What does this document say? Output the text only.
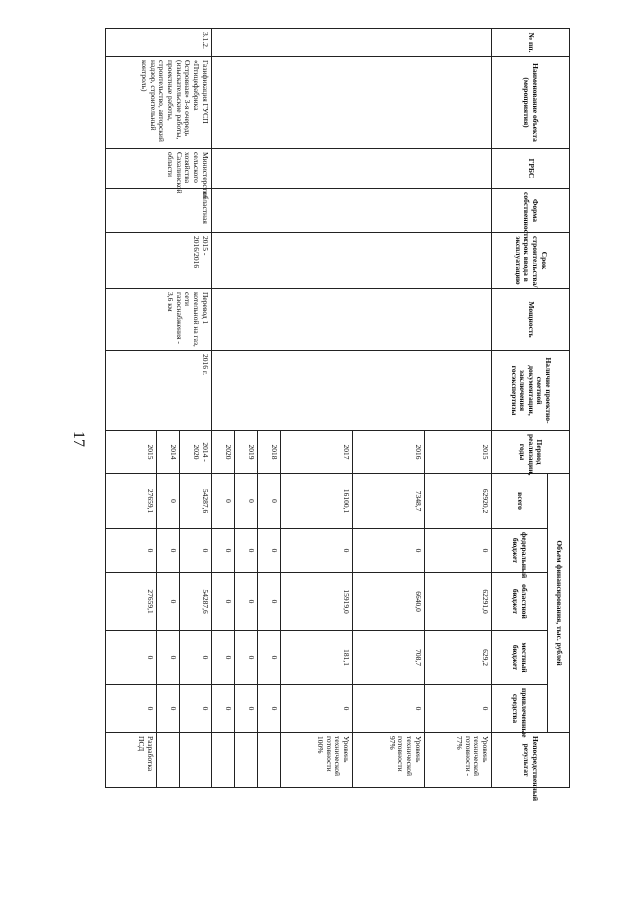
17
№ пп.	Наименование объекта (мероприятия)	ГРБС	Форма собственности	Срок строительства/срок ввода в эксплуатацию	Мощность	Наличие проектно-сметной документации, заключения госэкспертизы	Период реализации, годы	Объем финансирования, тыс. рублей					Непосредственный результат
								всего	федеральный бюджет	областной бюджет	местный бюджет	привлеченные средства	
							2015	62920,2	0	62291,0	629,2	0	Уровень технической готовности - 77%
							2016	7348,7	0	6640,0	708,7	0	Уровень технической готовности 97%
							2017	16100,1	0	15919,0	181,1	0	Уровень технической готовности 100%
							2018	0	0	0	0	0	
							2019	0	0	0	0	0	
							2020	0	0	0	0	0	
3.1.2.	Газификация ГУСП «Птицефабрика Островная» 3-я очередь (изыскательские работы, проектные работы, строительство, авторский надзор, строительный контроль)	Министерство сельского хозяйства Сахалинской области	областная	2015 - 2016/2016	Перевод 1 котельной на газ, сети газоснабжения - 3,6 км	2016 г.	2014 - 2020	54287,6	0	54287,6	0	0	
							2014	0	0	0	0	0	
							2015	27659,1	0	27659,1	0	0	Разработка ПСД
